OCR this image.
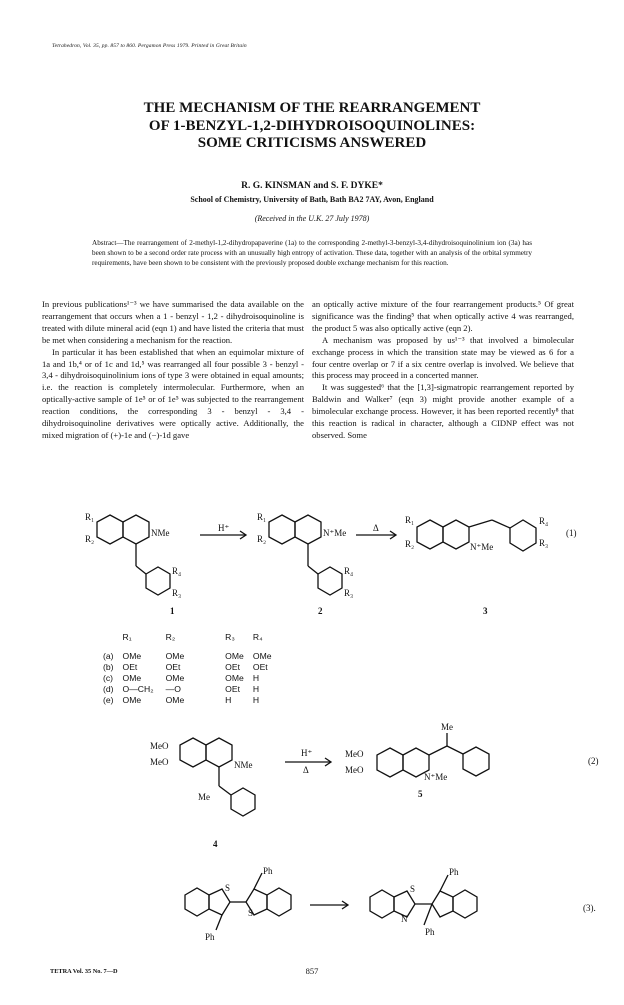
Tetrahedron, Vol. 35, pp. 857 to 860. Pergamon Press 1979. Printed in Great Britain
THE MECHANISM OF THE REARRANGEMENT
OF 1-BENZYL-1,2-DIHYDROISOQUINOLINES:
SOME CRITICISMS ANSWERED
R. G. KINSMAN and S. F. DYKE*
School of Chemistry, University of Bath, Bath BA2 7AY, Avon, England
(Received in the U.K. 27 July 1978)
Abstract—The rearrangement of 2-methyl-1,2-dihydropapaverine (1a) to the corresponding 2-methyl-3-benzyl-3,4-dihydroisoquinolinium ion (3a) has been shown to be a second order rate process with an unusually high entropy of activation. These data, together with an analysis of the orbital symmetry requirements, have been shown to be consistent with the previously proposed double exchange mechanism for this reaction.

In previous publications¹⁻³ we have summarised the data available on the rearrangement that occurs when a 1 - benzyl - 1,2 - dihydroisoquinoline is treated with dilute mineral acid (eqn 1) and have listed the criteria that must be met when considering a mechanism for the reaction.

In particular it has been established that when an equimolar mixture of 1a and 1b,⁴ or of 1c and 1d,⁵ was rearranged all four possible 3 - benzyl - 3,4 - dihydroisoquinolinium ions of type 3 were obtained in equal amounts; i.e. the reaction is completely intermolecular. Furthermore, when an optically-active sample of 1e⁵ or of 1e⁵ was subjected to the rearrangement reaction conditions, the corresponding 3 - benzyl - 3,4 - dihydroisoquinoline derivatives were optically active. Additionally, the mixed migration of (+)-1e and (−)-1d gave

an optically active mixture of the four rearrangement products.⁵ Of great significance was the finding⁵ that when optically active 4 was rearranged, the product 5 was also optically active (eqn 2).

A mechanism was proposed by us¹⁻³ that involved a bimolecular exchange process in which the transition state may be viewed as 6 for a four centre overlap or 7 if a six centre overlap is involved. We believe that this process may proceed in a concerted manner.

It was suggested⁶ that the [1,3]-sigmatropic rearrangement reported by Baldwin and Walker⁷ (eqn 3) might provide another example of a bimolecular exchange process. However, it has been reported recently⁸ that this reaction is radical in character, although a CIDNP effect was not observed. Some

R₁
R₂
NMe
R₄
R₃
H⁺
R₁
R₂
N⁺Me
R₄
R₃
Δ
R₁
R₂	N⁺Me
R₄
R₃
(1)
1	2	3
	R₁	R₂	R₃	R₄

(a)	OMe	OMe	OMe	OMe
(b)	OEt	OEt	OEt	OEt
(c)	OMe	OMe	OMe	H
(d)	O—CH₂	—O	OEt	H
(e)	OMe	OMe	H	H
MeO
MeO	NMe
Me
H⁺
Δ
MeO
MeO
N⁺Me
Me
(2)
4
5
S
S
Ph
Ph
S
N
Ph
Ph
(3).
TETRA Vol. 35 No. 7—D	857
